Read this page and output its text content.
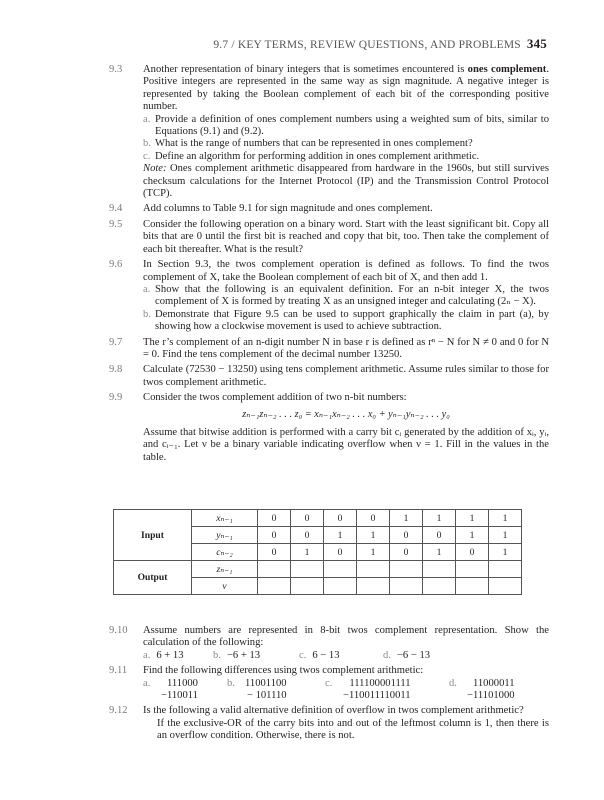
9.7 / KEY TERMS, REVIEW QUESTIONS, AND PROBLEMS 345
9.3 Another representation of binary integers that is sometimes encountered is ones complement. Positive integers are represented in the same way as sign magnitude. A negative integer is represented by taking the Boolean complement of each bit of the corresponding positive number.
a. Provide a definition of ones complement numbers using a weighted sum of bits, similar to Equations (9.1) and (9.2).
b. What is the range of numbers that can be represented in ones complement?
c. Define an algorithm for performing addition in ones complement arithmetic.
Note: Ones complement arithmetic disappeared from hardware in the 1960s, but still survives checksum calculations for the Internet Protocol (IP) and the Transmission Control Protocol (TCP).
9.4 Add columns to Table 9.1 for sign magnitude and ones complement.
9.5 Consider the following operation on a binary word. Start with the least significant bit. Copy all bits that are 0 until the first bit is reached and copy that bit, too. Then take the complement of each bit thereafter. What is the result?
9.6 In Section 9.3, the twos complement operation is defined as follows. To find the twos complement of X, take the Boolean complement of each bit of X, and then add 1.
a. Show that the following is an equivalent definition. For an n-bit integer X, the twos complement of X is formed by treating X as an unsigned integer and calculating (2ₙ − X).
b. Demonstrate that Figure 9.5 can be used to support graphically the claim in part (a), by showing how a clockwise movement is used to achieve subtraction.
9.7 The r’s complement of an n-digit number N in base r is defined as rⁿ − N for N ≠ 0 and 0 for N = 0. Find the tens complement of the decimal number 13250.
9.8 Calculate (72530 − 13250) using tens complement arithmetic. Assume rules similar to those for twos complement arithmetic.
9.9 Consider the twos complement addition of two n-bit numbers:
zₙ₋₁zₙ₋₂ . . . z₀ = xₙ₋₁xₙ₋₂ . . . x₀ + yₙ₋₁yₙ₋₂ . . . y₀
Assume that bitwise addition is performed with a carry bit cᵢ generated by the addition of xᵢ, yᵢ, and cᵢ₋₁. Let ν be a binary variable indicating overflow when ν = 1. Fill in the values in the table.
Input	xₙ₋₁	0	0	0	0	1	1	1	1
	yₙ₋₁	0	0	1	1	0	0	1	1
	cₙ₋₂	0	1	0	1	0	1	0	1
Output	zₙ₋₁								
	ν								
9.10 Assume numbers are represented in 8-bit twos complement representation. Show the calculation of the following:
a. 6 + 13	b. −6 + 13	c. 6 − 13	d. −6 − 13
9.11 Find the following differences using twos complement arithmetic:
a.	111000
−110011
b. 11001100
− 101110
c.	111100001111
−110011110011
d.	11000011
−11101000
9.12 Is the following a valid alternative definition of overflow in twos complement arithmetic?
If the exclusive-OR of the carry bits into and out of the leftmost column is 1, then there is an overflow condition. Otherwise, there is not.
